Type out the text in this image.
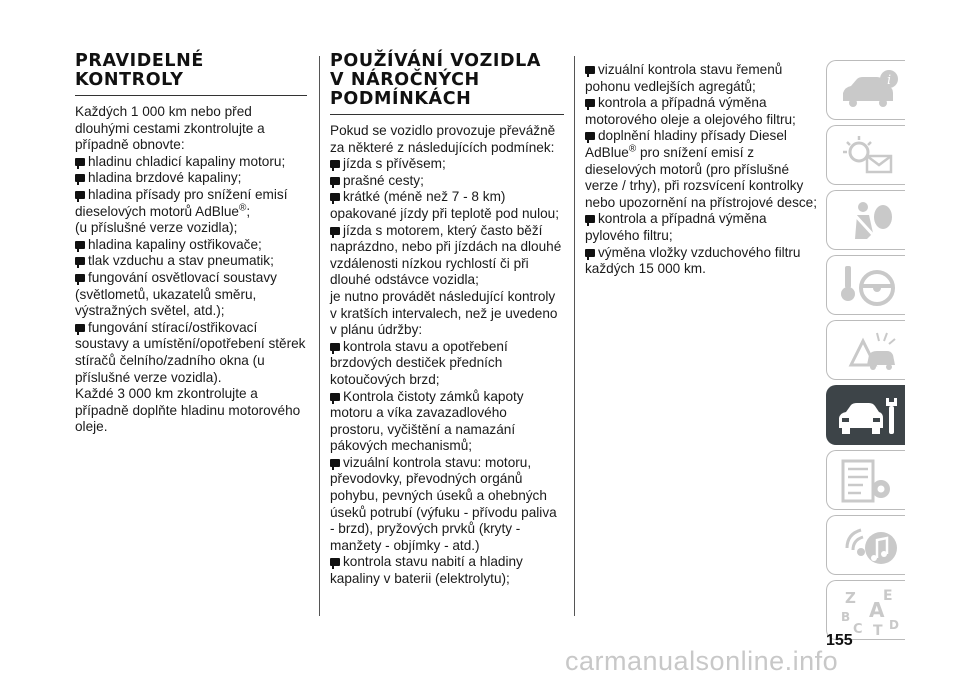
PRAVIDELNÉ
KONTROLY

Každých 1 000 km nebo před dlouhými cestami zkontrolujte a případně obnovte:

hladinu chladicí kapaliny motoru;

hladina brzdové kapaliny;

hladina přísady pro snížení emisí dieselových motorů AdBlue®;

(u příslušné verze vozidla);

hladina kapaliny ostřikovače;

tlak vzduchu a stav pneumatik;

fungování osvětlovací soustavy (světlometů, ukazatelů směru, výstražných světel, atd.);

fungování stírací/ostřikovací soustavy a umístění/opotřebení stěrek stíračů čelního/zadního okna (u příslušné verze vozidla).

Každé 3 000 km zkontrolujte a případně doplňte hladinu motorového oleje.

POUŽÍVÁNÍ VOZIDLA
V NÁROČNÝCH
PODMÍNKÁCH

Pokud se vozidlo provozuje převážně za některé z následujících podmínek:

jízda s přívěsem;

prašné cesty;

krátké (méně než 7 - 8 km) opakované jízdy při teplotě pod nulou;

jízda s motorem, který často běží naprázdno, nebo při jízdách na dlouhé vzdálenosti nízkou rychlostí či při dlouhé odstávce vozidla;

je nutno provádět následující kontroly v kratších intervalech, než je uvedeno v plánu údržby:

kontrola stavu a opotřebení brzdových destiček předních kotoučových brzd;

Kontrola čistoty zámků kapoty motoru a víka zavazadlového prostoru, vyčištění a namazání pákových mechanismů;

vizuální kontrola stavu: motoru, převodovky, převodných orgánů pohybu, pevných úseků a ohebných úseků potrubí (výfuku - přívodu paliva - brzd), pryžových prvků (kryty - manžety - objímky - atd.)

kontrola stavu nabití a hladiny kapaliny v baterii (elektrolytu);

vizuální kontrola stavu řemenů pohonu vedlejších agregátů;

kontrola a případná výměna motorového oleje a olejového filtru;

doplnění hladiny přísady Diesel AdBlue® pro snížení emisí z dieselových motorů (pro příslušné verze / trhy), při rozsvícení kontrolky nebo upozornění na přístrojové desce;

kontrola a případná výměna pylového filtru;

výměna vložky vzduchového filtru každých 15 000 km.

i
Z E
A
B
C T D
155
carmanualsonline.info
